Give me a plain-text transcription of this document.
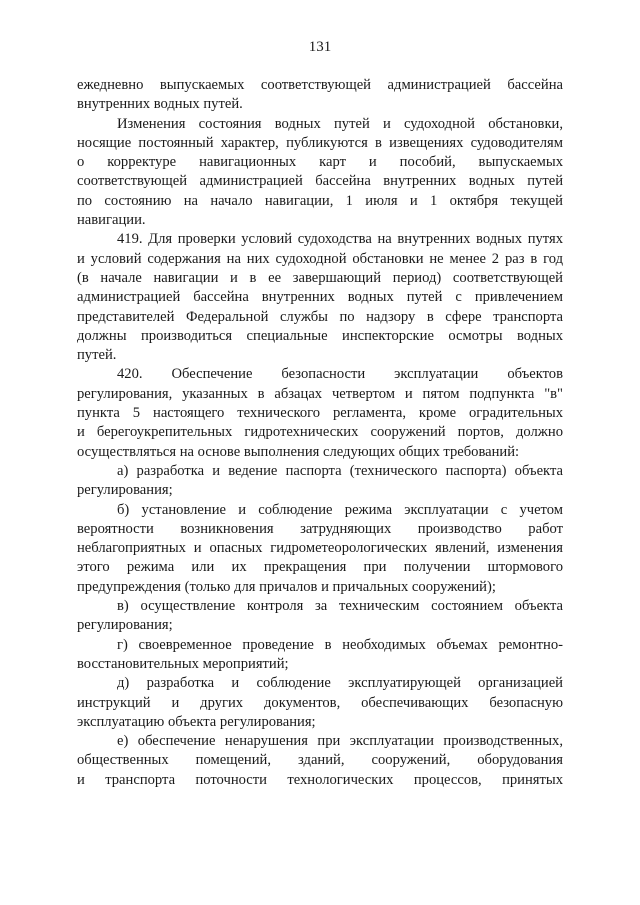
131
ежедневно выпускаемых соответствующей администрацией бассейна
внутренних водных путей.
Изменения состояния водных путей и судоходной обстановки,
носящие постоянный характер, публикуются в извещениях судоводителям
о корректуре навигационных карт и пособий, выпускаемых
соответствующей администрацией бассейна внутренних водных путей
по состоянию на начало навигации, 1 июля и 1 октября текущей
навигации.
419. Для проверки условий судоходства на внутренних водных путях
и условий содержания на них судоходной обстановки не менее 2 раз в год
(в начале навигации и в ее завершающий период) соответствующей
администрацией бассейна внутренних водных путей с привлечением
представителей Федеральной службы по надзору в сфере транспорта
должны производиться специальные инспекторские осмотры водных
путей.
420. Обеспечение безопасности эксплуатации объектов
регулирования, указанных в абзацах четвертом и пятом подпункта "в"
пункта 5 настоящего технического регламента, кроме оградительных
и берегоукрепительных гидротехнических сооружений портов, должно
осуществляться на основе выполнения следующих общих требований:
а) разработка и ведение паспорта (технического паспорта) объекта
регулирования;
б) установление и соблюдение режима эксплуатации с учетом
вероятности возникновения затрудняющих производство работ
неблагоприятных и опасных гидрометеорологических явлений, изменения
этого режима или их прекращения при получении штормового
предупреждения (только для причалов и причальных сооружений);
в) осуществление контроля за техническим состоянием объекта
регулирования;
г) своевременное проведение в необходимых объемах ремонтно-
восстановительных мероприятий;
д) разработка и соблюдение эксплуатирующей организацией
инструкций и других документов, обеспечивающих безопасную
эксплуатацию объекта регулирования;
е) обеспечение ненарушения при эксплуатации производственных,
общественных помещений, зданий, сооружений, оборудования
и транспорта поточности технологических процессов, принятых
